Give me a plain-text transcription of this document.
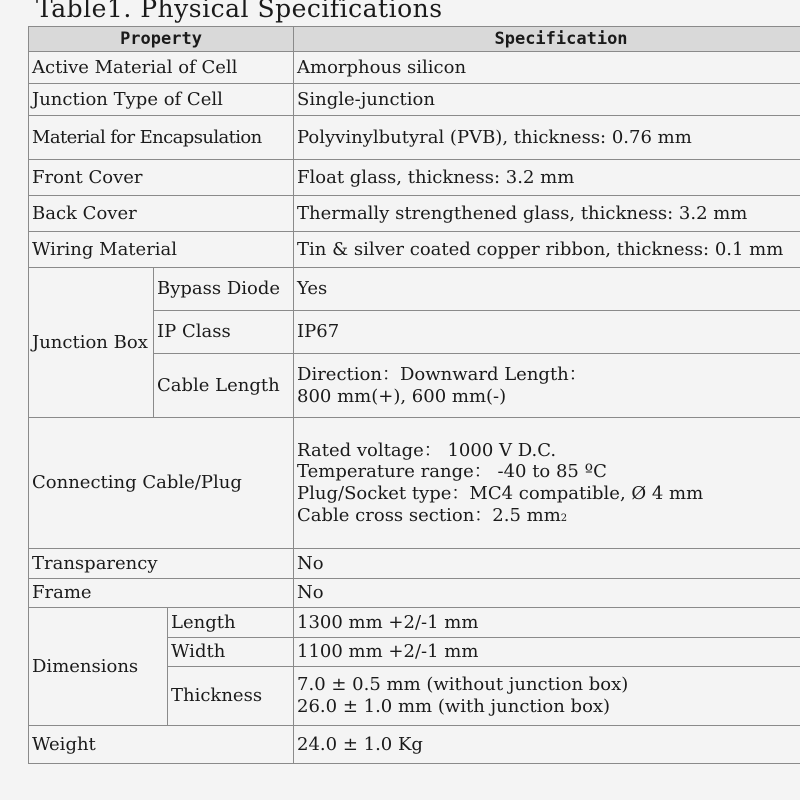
Table1. Physical Specifications
Property			Specification
Active Material of Cell			Amorphous silicon
Junction Type of Cell			Single-junction
Material for Encapsulation			Polyvinylbutyral (PVB), thickness: 0.76 mm
Front Cover			Float glass, thickness: 3.2 mm
Back Cover			Thermally strengthened glass, thickness: 3.2 mm
Wiring Material			Tin & silver coated copper ribbon, thickness: 0.1 mm
Junction Box	Bypass Diode		Yes
	IP Class		IP67
	Cable Length		Direction：Downward Length：
800 mm(+), 600 mm(-)

Connecting Cable/Plug			Rated voltage： 1000 V D.C.
Temperature range： -40 to 85 ºC
Plug/Socket type：MC4 compatible, Ø 4 mm
Cable cross section：2.5 mm2

Transparency			No
Frame			No
Dimensions		Length	1300 mm +2/-1 mm
		Width	1100 mm +2/-1 mm
		Thickness	7.0 ± 0.5 mm (without junction box)
26.0 ± 1.0 mm (with junction box)

Weight			24.0 ± 1.0 Kg
